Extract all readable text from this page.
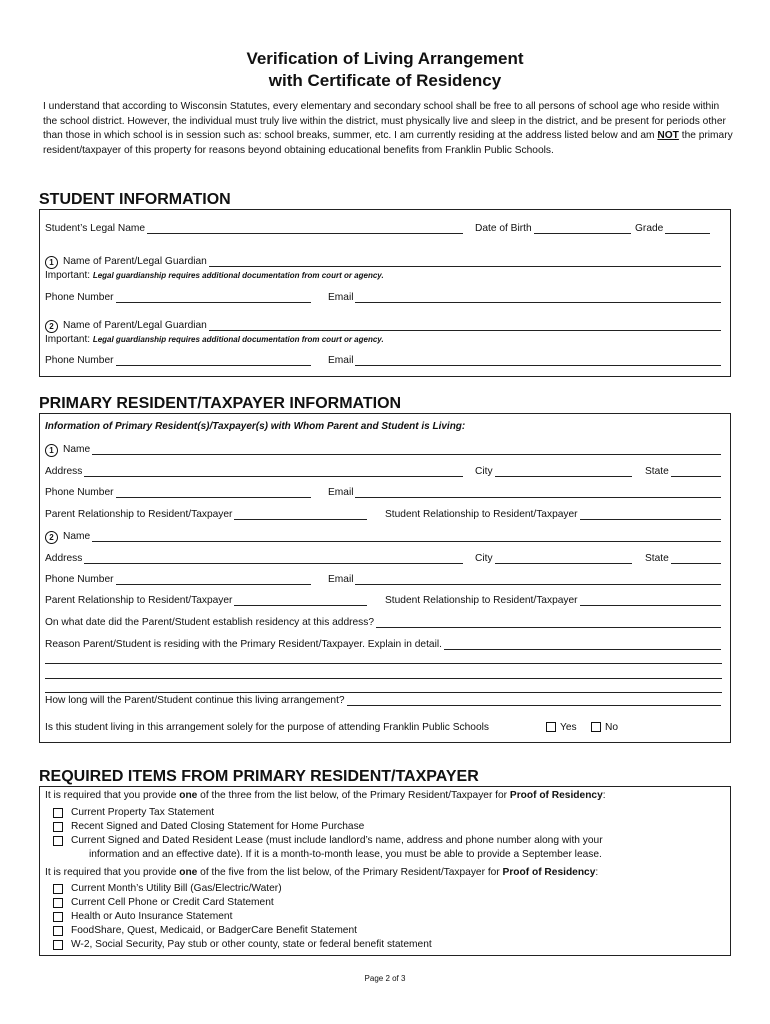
Verification of Living Arrangement
with Certificate of Residency
I understand that according to Wisconsin Statutes, every elementary and secondary school shall be free to all persons of school age who reside within the school district. However, the individual must truly live within the district, must physically live and sleep in the district, and be present for periods other than those in which school is in session such as: school breaks, summer, etc. I am currently residing at the address listed below and am NOT the primary resident/taxpayer of this property for reasons beyond obtaining educational benefits from Franklin Public Schools.
STUDENT INFORMATION
Student’s Legal Name	Date of Birth	Grade
1 Name of Parent/Legal Guardian
Important: Legal guardianship requires additional documentation from court or agency.
Phone Number	Email
2 Name of Parent/Legal Guardian
Important: Legal guardianship requires additional documentation from court or agency.
Phone Number	Email
PRIMARY RESIDENT/TAXPAYER INFORMATION
Information of Primary Resident(s)/Taxpayer(s) with Whom Parent and Student is Living:
1 Name
Address	City	State
Phone Number	Email
Parent Relationship to Resident/Taxpayer	Student Relationship to Resident/Taxpayer
2 Name
Address	City	State
Phone Number	Email
Parent Relationship to Resident/Taxpayer	Student Relationship to Resident/Taxpayer
On what date did the Parent/Student establish residency at this address?
Reason Parent/Student is residing with the Primary Resident/Taxpayer. Explain in detail.
How long will the Parent/Student continue this living arrangement?
Is this student living in this arrangement solely for the purpose of attending Franklin Public Schools	Yes	No
REQUIRED ITEMS FROM PRIMARY RESIDENT/TAXPAYER
It is required that you provide one of the three from the list below, of the Primary Resident/Taxpayer for Proof of Residency:
Current Property Tax Statement
Recent Signed and Dated Closing Statement for Home Purchase
Current Signed and Dated Resident Lease (must include landlord’s name, address and phone number along with your
information and an effective date). If it is a month-to-month lease, you must be able to provide a September lease.
It is required that you provide one of the five from the list below, of the Primary Resident/Taxpayer for Proof of Residency:
Current Month’s Utility Bill (Gas/Electric/Water)
Current Cell Phone or Credit Card Statement
Health or Auto Insurance Statement
FoodShare, Quest, Medicaid, or BadgerCare Benefit Statement
W-2, Social Security, Pay stub or other county, state or federal benefit statement
Page 2 of 3
